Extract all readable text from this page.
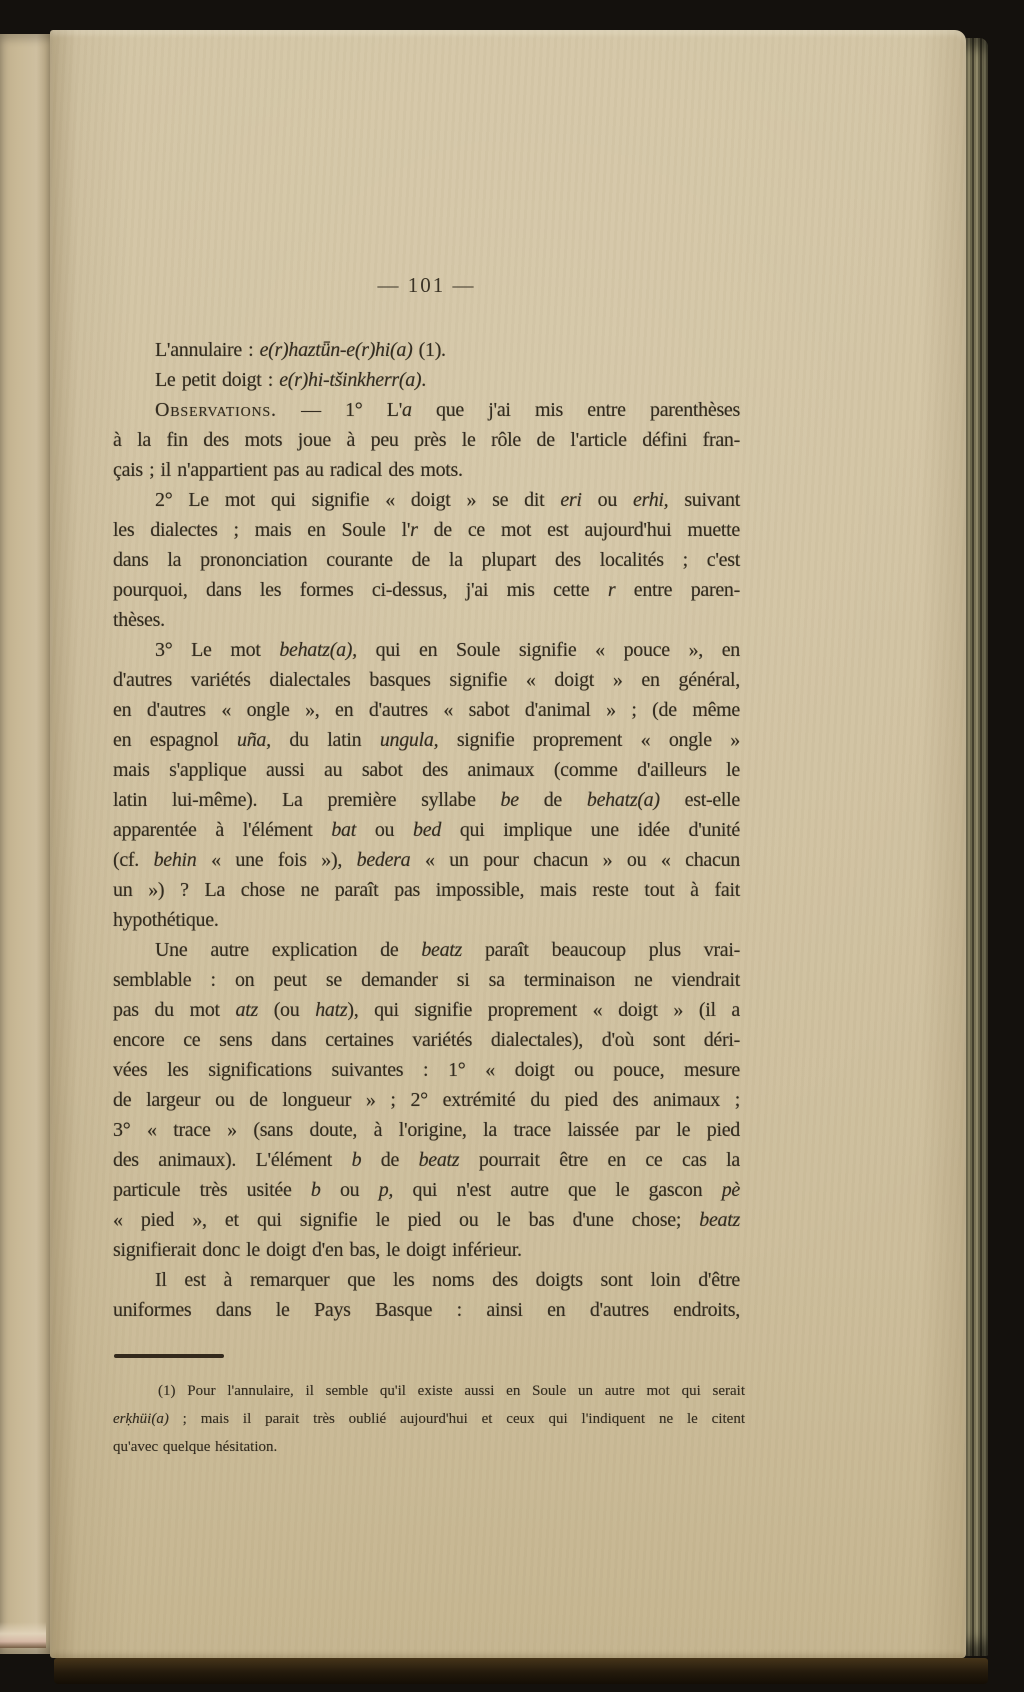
— 101 —
L'annulaire : e(r)haztǖn-e(r)hi(a) (1).
Le petit doigt : e(r)hi-tšinkherr(a).
Observations. — 1° L'a que j'ai mis entre parenthèses
à la fin des mots joue à peu près le rôle de l'article défini fran-
çais ; il n'appartient pas au radical des mots.
2° Le mot qui signifie « doigt » se dit eri ou erhi, suivant
les dialectes ; mais en Soule l'r de ce mot est aujourd'hui muette
dans la prononciation courante de la plupart des localités ; c'est
pourquoi, dans les formes ci-dessus, j'ai mis cette r entre paren-
thèses.
3° Le mot behatz(a), qui en Soule signifie « pouce », en
d'autres variétés dialectales basques signifie « doigt » en général,
en d'autres « ongle », en d'autres « sabot d'animal » ; (de même
en espagnol uña, du latin ungula, signifie proprement « ongle »
mais s'applique aussi au sabot des animaux (comme d'ailleurs le
latin lui-même). La première syllabe be de behatz(a) est-elle
apparentée à l'élément bat ou bed qui implique une idée d'unité
(cf. behin « une fois »), bedera « un pour chacun » ou « chacun
un ») ? La chose ne paraît pas impossible, mais reste tout à fait
hypothétique.
Une autre explication de beatz paraît beaucoup plus vrai-
semblable : on peut se demander si sa terminaison ne viendrait
pas du mot atz (ou hatz), qui signifie proprement « doigt » (il a
encore ce sens dans certaines variétés dialectales), d'où sont déri-
vées les significations suivantes : 1° « doigt ou pouce, mesure
de largeur ou de longueur » ; 2° extrémité du pied des animaux ;
3° « trace » (sans doute, à l'origine, la trace laissée par le pied
des animaux). L'élément b de beatz pourrait être en ce cas la
particule très usitée b ou p, qui n'est autre que le gascon pè
« pied », et qui signifie le pied ou le bas d'une chose; beatz
signifierait donc le doigt d'en bas, le doigt inférieur.
Il est à remarquer que les noms des doigts sont loin d'être
uniformes dans le Pays Basque : ainsi en d'autres endroits,
(1) Pour l'annulaire, il semble qu'il existe aussi en Soule un autre mot qui serait
erḳhüi(a) ; mais il parait très oublié aujourd'hui et ceux qui l'indiquent ne le citent
qu'avec quelque hésitation.
